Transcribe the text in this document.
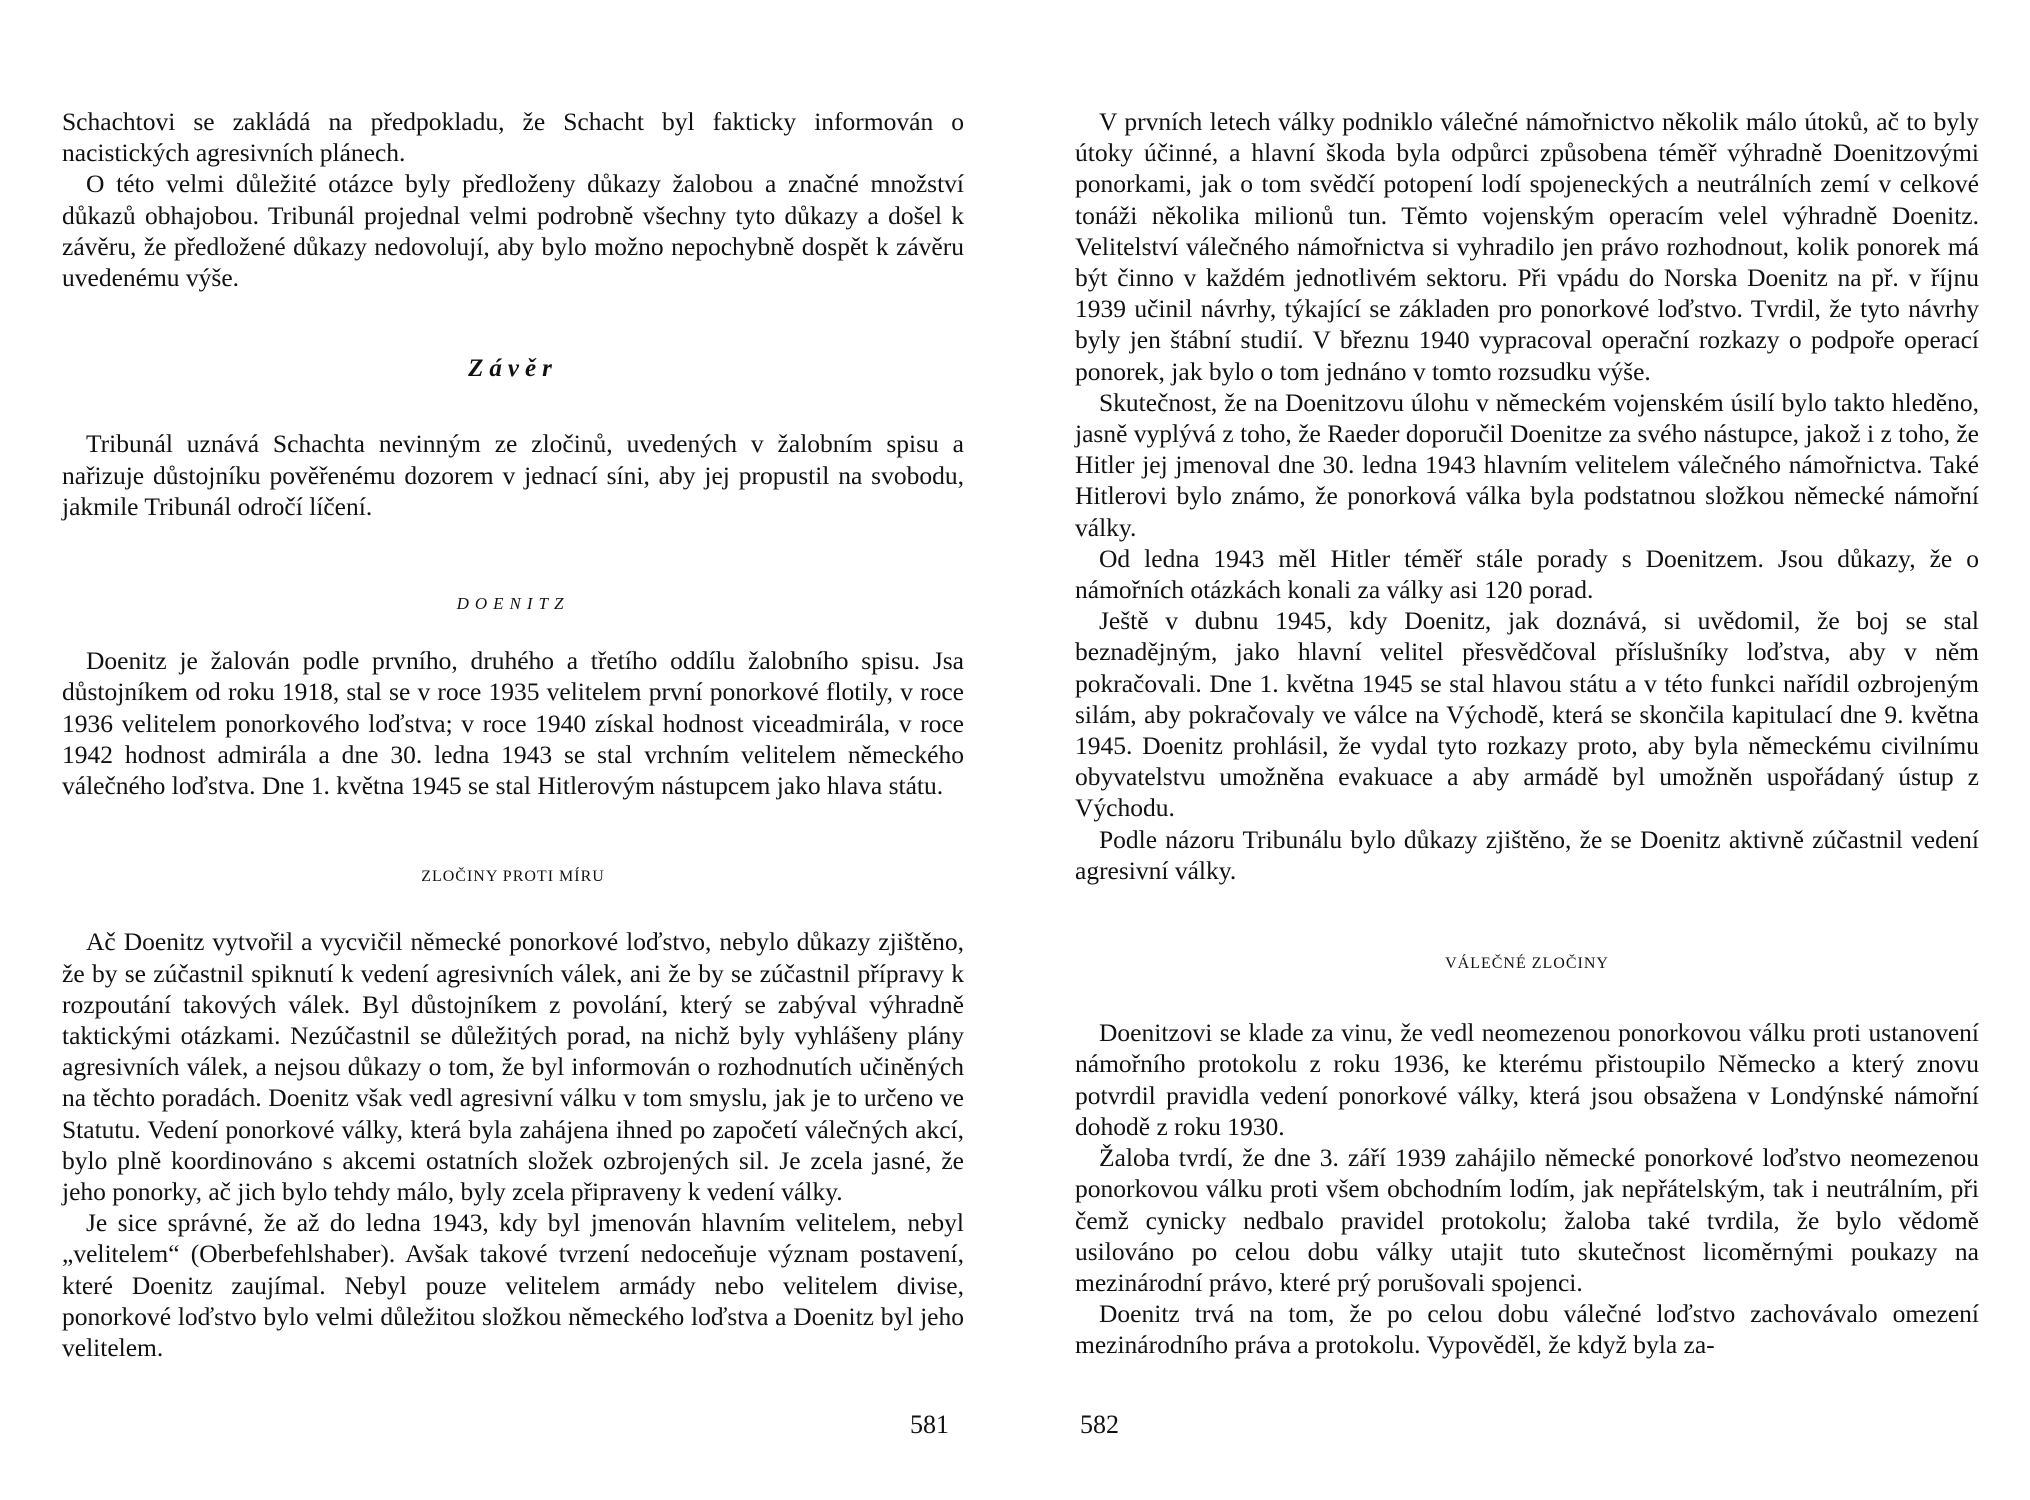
Schachtovi se zakládá na předpokladu, že Schacht byl fakticky informován o nacistických agresivních plánech.

O této velmi důležité otázce byly předloženy důkazy žalobou a značné množství důkazů obhajobou. Tribunál projednal velmi podrobně všechny tyto důkazy a došel k závěru, že předložené důkazy nedovolují, aby bylo možno nepochybně dospět k závěru uvedenému výše.

Závěr

Tribunál uznává Schachta nevinným ze zločinů, uvedených v žalobním spisu a nařizuje důstojníku pověřenému dozorem v jednací síni, aby jej propustil na svobodu, jakmile Tribunál odročí líčení.

DOENITZ

Doenitz je žalován podle prvního, druhého a třetího oddílu žalobního spisu. Jsa důstojníkem od roku 1918, stal se v roce 1935 velitelem první ponorkové flotily, v roce 1936 velitelem ponorkového loďstva; v roce 1940 získal hodnost viceadmirála, v roce 1942 hodnost admirála a dne 30. ledna 1943 se stal vrchním velitelem německého válečného loďstva. Dne 1. května 1945 se stal Hitlerovým nástupcem jako hlava státu.

ZLOČINY PROTI MÍRU

Ač Doenitz vytvořil a vycvičil německé ponorkové loďstvo, nebylo důkazy zjištěno, že by se zúčastnil spiknutí k vedení agresivních válek, ani že by se zúčastnil přípravy k rozpoutání takových válek. Byl důstojníkem z povolání, který se zabýval výhradně taktickými otázkami. Nezúčastnil se důležitých porad, na nichž byly vyhlášeny plány agresivních válek, a nejsou důkazy o tom, že byl informován o rozhodnutích učiněných na těchto poradách. Doenitz však vedl agresivní válku v tom smyslu, jak je to určeno ve Statutu. Vedení ponorkové války, která byla zahájena ihned po započetí válečných akcí, bylo plně koordinováno s akcemi ostatních složek ozbrojených sil. Je zcela jasné, že jeho ponorky, ač jich bylo tehdy málo, byly zcela připraveny k vedení války.

Je sice správné, že až do ledna 1943, kdy byl jmenován hlavním velitelem, nebyl „velitelem“ (Oberbefehlshaber). Avšak takové tvrzení nedoceňuje význam postavení, které Doenitz zaujímal. Nebyl pouze velitelem armády nebo velitelem divise, ponorkové loďstvo bylo velmi důležitou složkou německého loďstva a Doenitz byl jeho velitelem.

581

V prvních letech války podniklo válečné námořnictvo několik málo útoků, ač to byly útoky účinné, a hlavní škoda byla odpůrci způsobena téměř výhradně Doenitzovými ponorkami, jak o tom svědčí potopení lodí spojeneckých a neutrálních zemí v celkové tonáži několika milionů tun. Těmto vojenským operacím velel výhradně Doenitz. Velitelství válečného námořnictva si vyhradilo jen právo rozhodnout, kolik ponorek má být činno v každém jednotlivém sektoru. Při vpádu do Norska Doenitz na př. v říjnu 1939 učinil návrhy, týkající se základen pro ponorkové loďstvo. Tvrdil, že tyto návrhy byly jen štábní studií. V březnu 1940 vypracoval operační rozkazy o podpoře operací ponorek, jak bylo o tom jednáno v tomto rozsudku výše.

Skutečnost, že na Doenitzovu úlohu v německém vojenském úsilí bylo takto hleděno, jasně vyplývá z toho, že Raeder doporučil Doenitze za svého nástupce, jakož i z toho, že Hitler jej jmenoval dne 30. ledna 1943 hlavním velitelem válečného námořnictva. Také Hitlerovi bylo známo, že ponorková válka byla podstatnou složkou německé námořní války.

Od ledna 1943 měl Hitler téměř stále porady s Doenitzem. Jsou důkazy, že o námořních otázkách konali za války asi 120 porad.

Ještě v dubnu 1945, kdy Doenitz, jak doznává, si uvědomil, že boj se stal beznadějným, jako hlavní velitel přesvědčoval příslušníky loďstva, aby v něm pokračovali. Dne 1. května 1945 se stal hlavou státu a v této funkci nařídil ozbrojeným silám, aby pokračovaly ve válce na Východě, která se skončila kapitulací dne 9. května 1945. Doenitz prohlásil, že vydal tyto rozkazy proto, aby byla německému civilnímu obyvatelstvu umožněna evakuace a aby armádě byl umožněn uspořádaný ústup z Východu.

Podle názoru Tribunálu bylo důkazy zjištěno, že se Doenitz aktivně zúčastnil vedení agresivní války.

VÁLEČNÉ ZLOČINY

Doenitzovi se klade za vinu, že vedl neomezenou ponorkovou válku proti ustanovení námořního protokolu z roku 1936, ke kterému přistoupilo Německo a který znovu potvrdil pravidla vedení ponorkové války, která jsou obsažena v Londýnské námořní dohodě z roku 1930.

Žaloba tvrdí, že dne 3. září 1939 zahájilo německé ponorkové loďstvo neomezenou ponorkovou válku proti všem obchodním lodím, jak nepřátelským, tak i neutrálním, při čemž cynicky nedbalo pravidel protokolu; žaloba také tvrdila, že bylo vědomě usilováno po celou dobu války utajit tuto skutečnost licoměrnými poukazy na mezinárodní právo, které prý porušovali spojenci.

Doenitz trvá na tom, že po celou dobu válečné loďstvo zachovávalo omezení mezinárodního práva a protokolu. Vypověděl, že když byla za-

582
